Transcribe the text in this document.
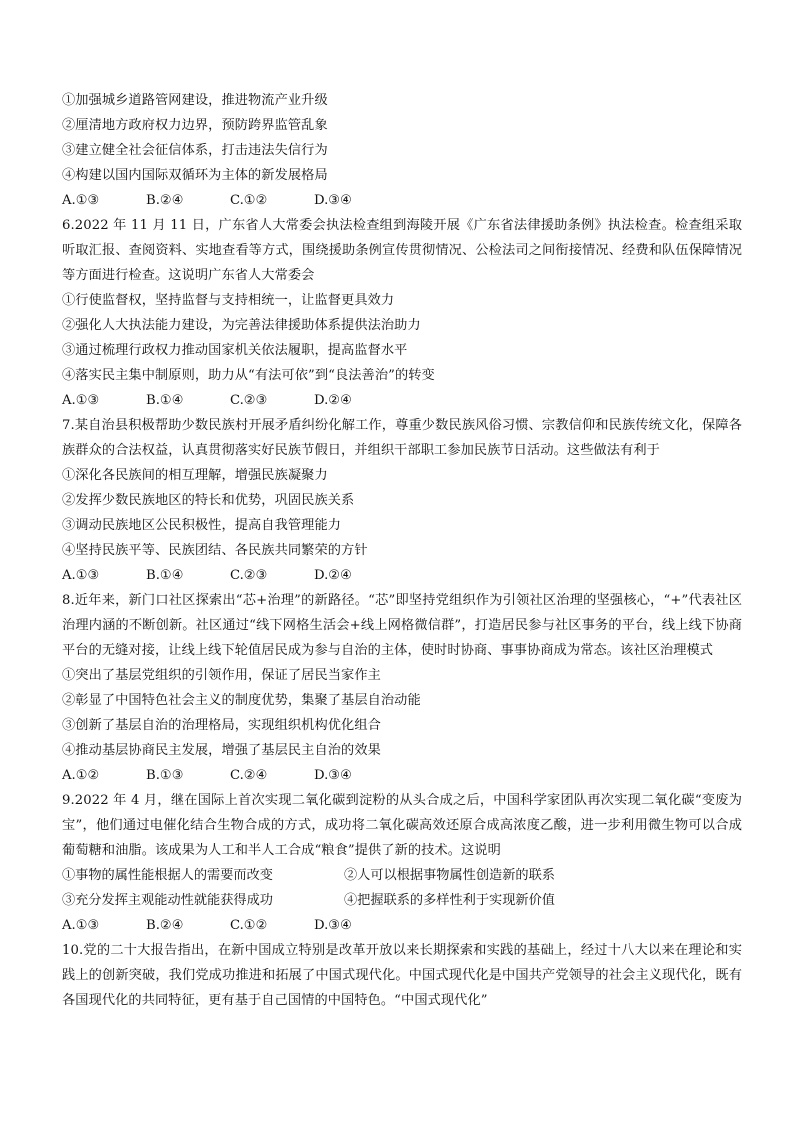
①加强城乡道路管网建设，推进物流产业升级
②厘清地方政府权力边界，预防跨界监管乱象
③建立健全社会征信体系，打击违法失信行为
④构建以国内国际双循环为主体的新发展格局
A.①③	B.②④	C.①②	D.③④
6.2022 年 11 月 11 日，广东省人大常委会执法检查组到海陵开展《广东省法律援助条例》执法检查。检查组采取听取汇报、查阅资料、实地查看等方式，围绕援助条例宣传贯彻情况、公检法司之间衔接情况、经费和队伍保障情况等方面进行检查。这说明广东省人大常委会
①行使监督权，坚持监督与支持相统一，让监督更具效力
②强化人大执法能力建设，为完善法律援助体系提供法治助力
③通过梳理行政权力推动国家机关依法履职，提高监督水平
④落实民主集中制原则，助力从“有法可依”到“良法善治”的转变
A.①③	B.①④	C.②③	D.②④
7.某自治县积极帮助少数民族村开展矛盾纠纷化解工作，尊重少数民族风俗习惯、宗教信仰和民族传统文化，保障各族群众的合法权益，认真贯彻落实好民族节假日，并组织干部职工参加民族节日活动。这些做法有利于
①深化各民族间的相互理解，增强民族凝聚力
②发挥少数民族地区的特长和优势，巩固民族关系
③调动民族地区公民积极性，提高自我管理能力
④坚持民族平等、民族团结、各民族共同繁荣的方针
A.①③	B.①④	C.②③	D.②④
8.近年来，新门口社区探索出“芯+治理”的新路径。“芯”即坚持党组织作为引领社区治理的坚强核心，“+”代表社区治理内涵的不断创新。社区通过“线下网格生活会+线上网格微信群”，打造居民参与社区事务的平台，线上线下协商平台的无缝对接，让线上线下轮值居民成为参与自治的主体，使时时协商、事事协商成为常态。该社区治理模式
①突出了基层党组织的引领作用，保证了居民当家作主
②彰显了中国特色社会主义的制度优势，集聚了基层自治动能
③创新了基层自治的治理格局，实现组织机构优化组合
④推动基层协商民主发展，增强了基层民主自治的效果
A.①②	B.①③	C.②④	D.③④
9.2022 年 4 月，继在国际上首次实现二氧化碳到淀粉的从头合成之后，中国科学家团队再次实现二氧化碳“变废为宝”，他们通过电催化结合生物合成的方式，成功将二氧化碳高效还原合成高浓度乙酸，进一步利用微生物可以合成葡萄糖和油脂。该成果为人工和半人工合成“粮食”提供了新的技术。这说明
①事物的属性能根据人的需要而改变	②人可以根据事物属性创造新的联系
③充分发挥主观能动性就能获得成功	④把握联系的多样性利于实现新价值
A.①③	B.②④	C.①②	D.③④
10.党的二十大报告指出，在新中国成立特别是改革开放以来长期探索和实践的基础上，经过十八大以来在理论和实践上的创新突破，我们党成功推进和拓展了中国式现代化。中国式现代化是中国共产党领导的社会主义现代化，既有各国现代化的共同特征，更有基于自己国情的中国特色。“中国式现代化”
